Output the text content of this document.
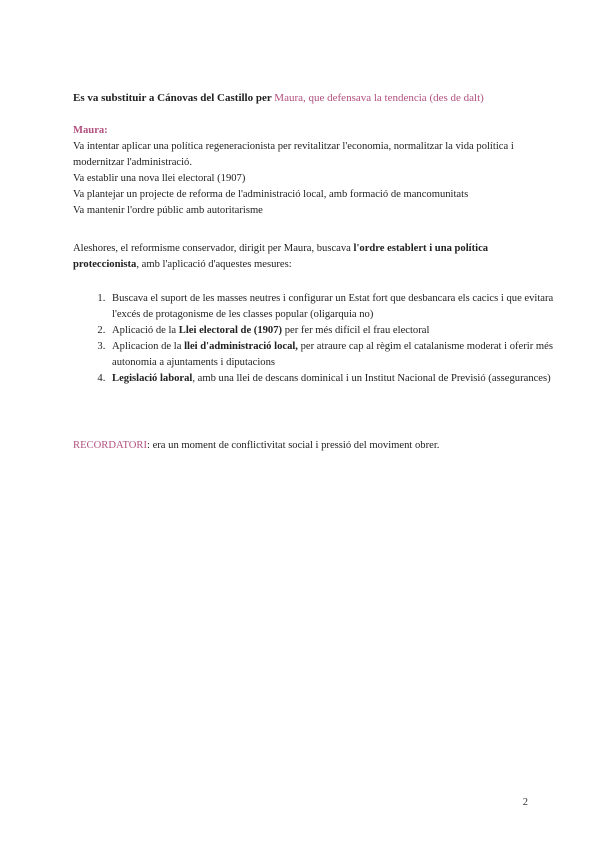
Es va substituir a Cánovas del Castillo per Maura, que defensava la tendencia (des de dalt)
Maura:
Va intentar aplicar una política regeneracionista per revitalitzar l'economia, normalitzar la vida política i modernitzar l'administració.
Va establir una nova llei electoral (1907)
Va plantejar un projecte de reforma de l'administració local, amb formació de mancomunitats
Va mantenir l'ordre públic amb autoritarisme
Aleshores, el reformisme conservador, dirigit per Maura, buscava l'ordre establert i una política proteccionista, amb l'aplicació d'aquestes mesures:
1. Buscava el suport de les masses neutres i configurar un Estat fort que desbancara els cacics i que evitara l'excés de protagonisme de les classes popular (oligarquia no)
2. Aplicació de la Llei electoral de (1907) per fer més difícil el frau electoral
3. Aplicacion de la llei d'administració local, per atraure cap al règim el catalanisme moderat i oferir més autonomia a ajuntaments i diputacions
4. Legislació laboral, amb una llei de descans dominical i un Institut Nacional de Previsió (assegurances)
RECORDATORI: era un moment de conflictivitat social i pressió del moviment obrer.
2
